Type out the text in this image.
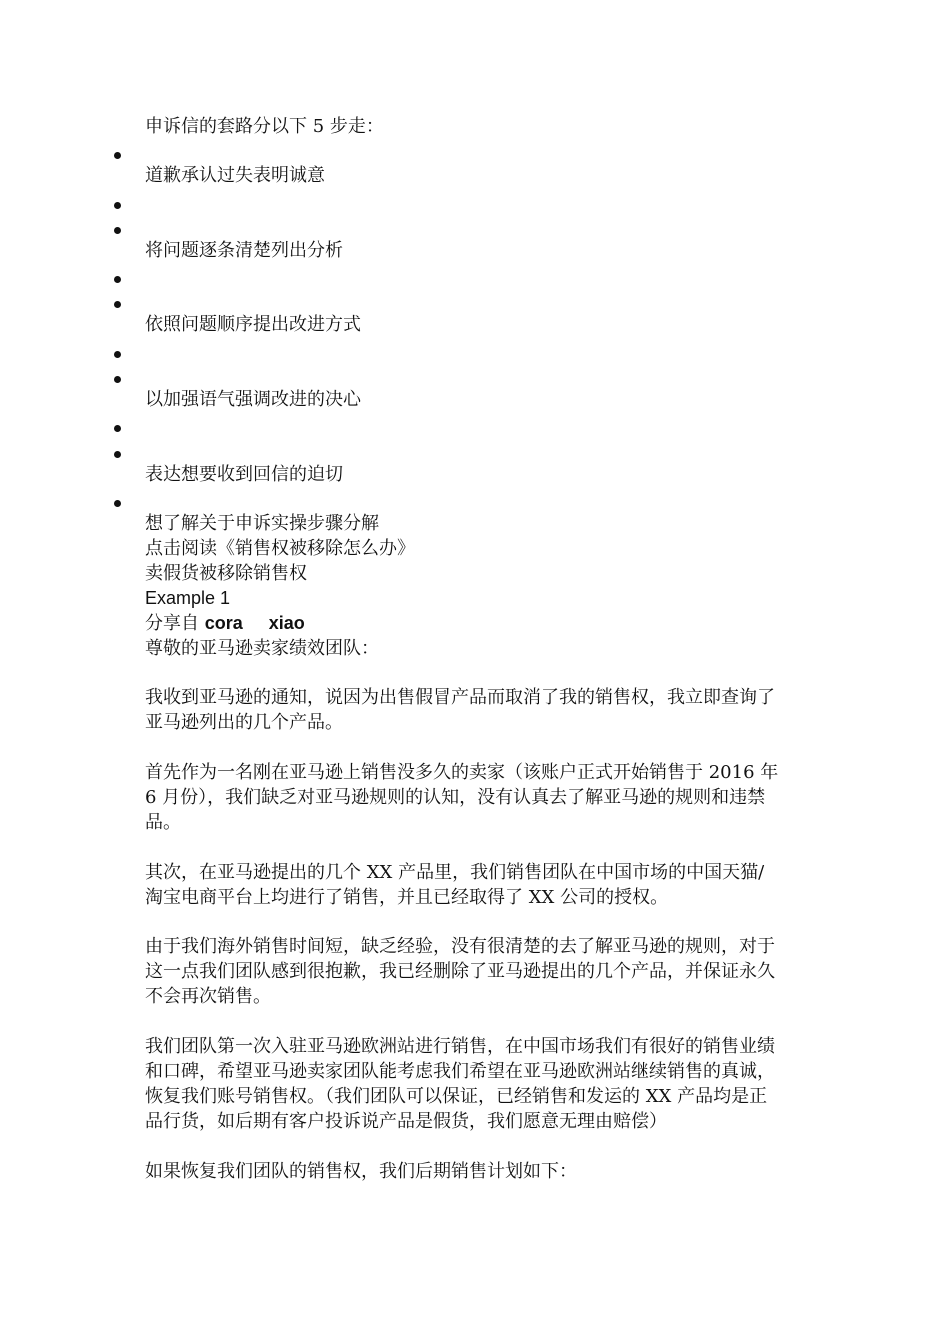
申诉信的套路分以下 5 步走：
道歉承认过失表明诚意
将问题逐条清楚列出分析
依照问题顺序提出改进方式
以加强语气强调改进的决心
表达想要收到回信的迫切
想了解关于申诉实操步骤分解
点击阅读《销售权被移除怎么办》
卖假货被移除销售权
Example 1
分享自 cora xiao
尊敬的亚马逊卖家绩效团队：
我收到亚马逊的通知，说因为出售假冒产品而取消了我的销售权，我立即查询了
亚马逊列出的几个产品。
首先作为一名刚在亚马逊上销售没多久的卖家（该账户正式开始销售于 2016 年
6 月份），我们缺乏对亚马逊规则的认知，没有认真去了解亚马逊的规则和违禁
品。
其次，在亚马逊提出的几个 XX 产品里，我们销售团队在中国市场的中国天猫/
淘宝电商平台上均进行了销售，并且已经取得了 XX 公司的授权。
由于我们海外销售时间短，缺乏经验，没有很清楚的去了解亚马逊的规则，对于
这一点我们团队感到很抱歉，我已经删除了亚马逊提出的几个产品，并保证永久
不会再次销售。
我们团队第一次入驻亚马逊欧洲站进行销售，在中国市场我们有很好的销售业绩
和口碑，希望亚马逊卖家团队能考虑我们希望在亚马逊欧洲站继续销售的真诚，
恢复我们账号销售权。（我们团队可以保证，已经销售和发运的 XX 产品均是正
品行货，如后期有客户投诉说产品是假货，我们愿意无理由赔偿）
如果恢复我们团队的销售权，我们后期销售计划如下：
